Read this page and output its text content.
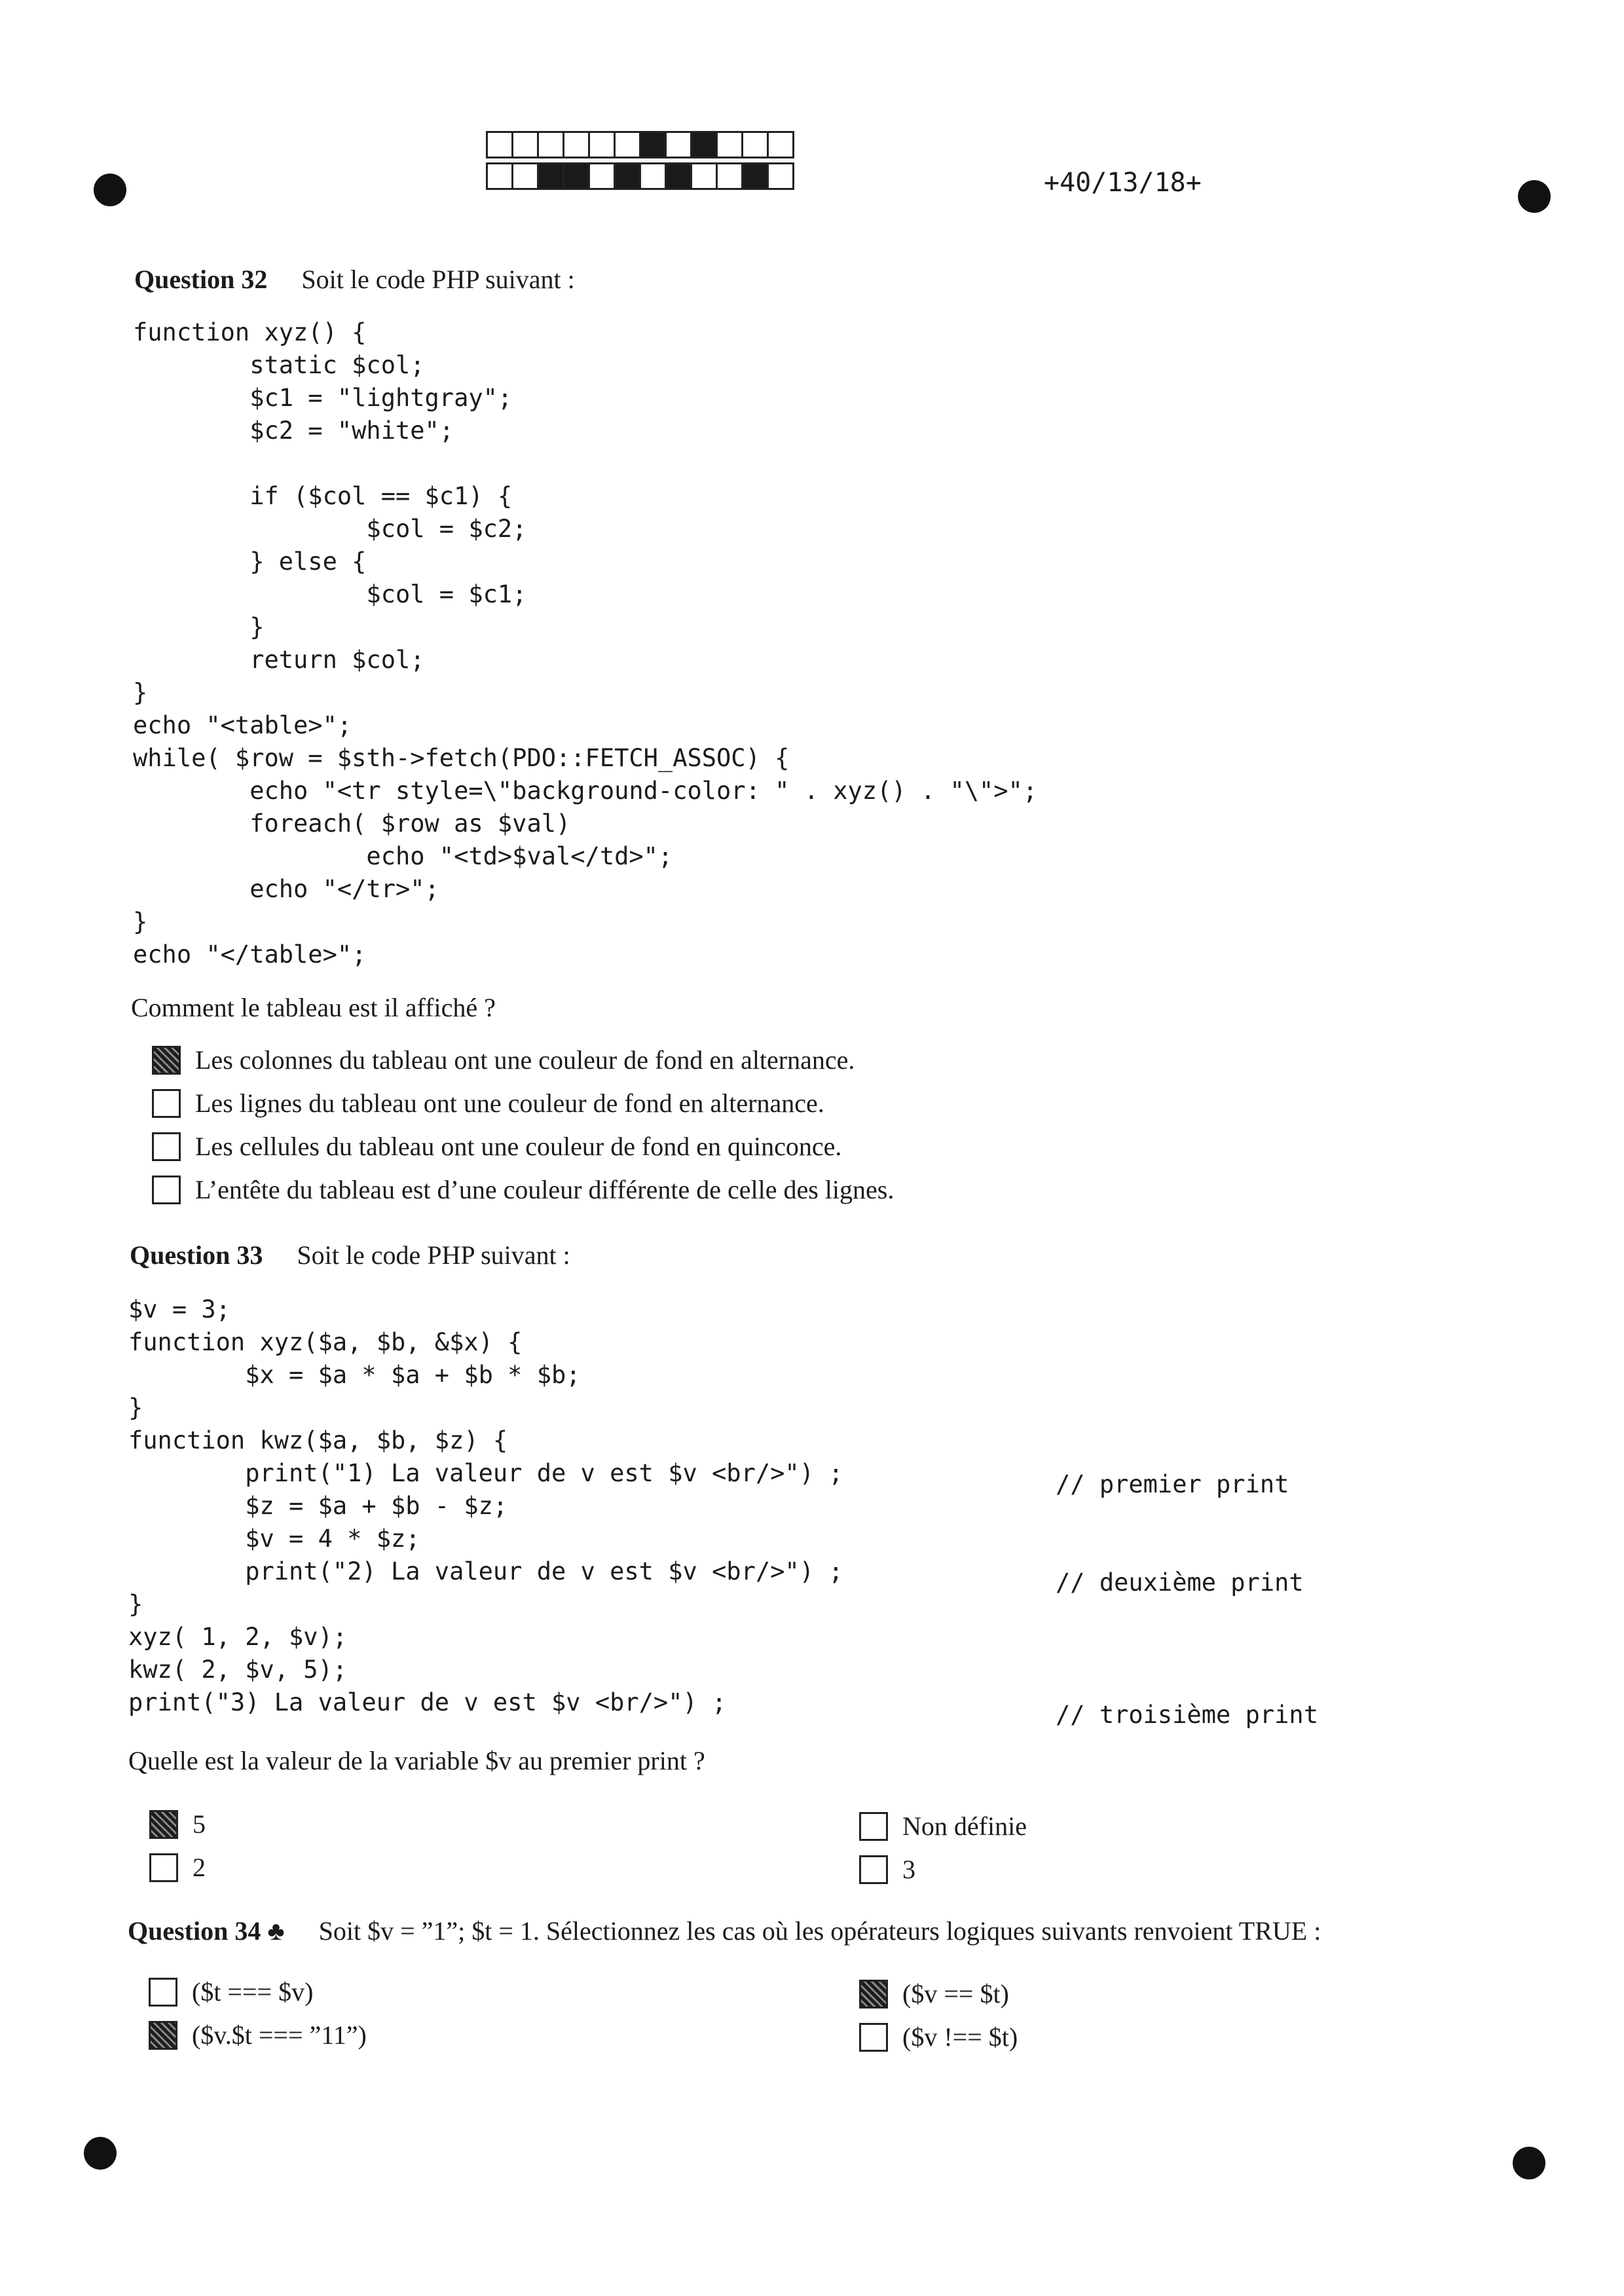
+40/13/18+
Question 32 Soit le code PHP suivant :
function xyz() {
static $col;
$c1 = "lightgray";
$c2 = "white";

if ($col == $c1) {
$col = $c2;
} else {
$col = $c1;
}
return $col;
}
echo "<table>";
while( $row = $sth->fetch(PDO::FETCH_ASSOC) {
echo "<tr style=\"background-color: " . xyz() . "\">";
foreach( $row as $val)
echo "<td>$val</td>";
echo "</tr>";
}
echo "</table>";
Comment le tableau est il affiché ?
Les colonnes du tableau ont une couleur de fond en alternance.
Les lignes du tableau ont une couleur de fond en alternance.
Les cellules du tableau ont une couleur de fond en quinconce.
L’entête du tableau est d’une couleur différente de celle des lignes.
Question 33 Soit le code PHP suivant :
$v = 3;
function xyz($a, $b, &$x) {
$x = $a * $a + $b * $b;
}
function kwz($a, $b, $z) {
print("1) La valeur de v est $v <br/>") ;
$z = $a + $b - $z;
$v = 4 * $z;
print("2) La valeur de v est $v <br/>") ;
}
xyz( 1, 2, $v);
kwz( 2, $v, 5);
print("3) La valeur de v est $v <br/>") ;
// premier print
// deuxième print
// troisième print
Quelle est la valeur de la variable $v au premier print ?
5	Non définie
2	3
Question 34 ♣ Soit $v = ”1”; $t = 1. Sélectionnez les cas où les opérateurs logiques suivants renvoient TRUE :
($t === $v)	($v == $t)
($v.$t === ”11”)	($v !== $t)
